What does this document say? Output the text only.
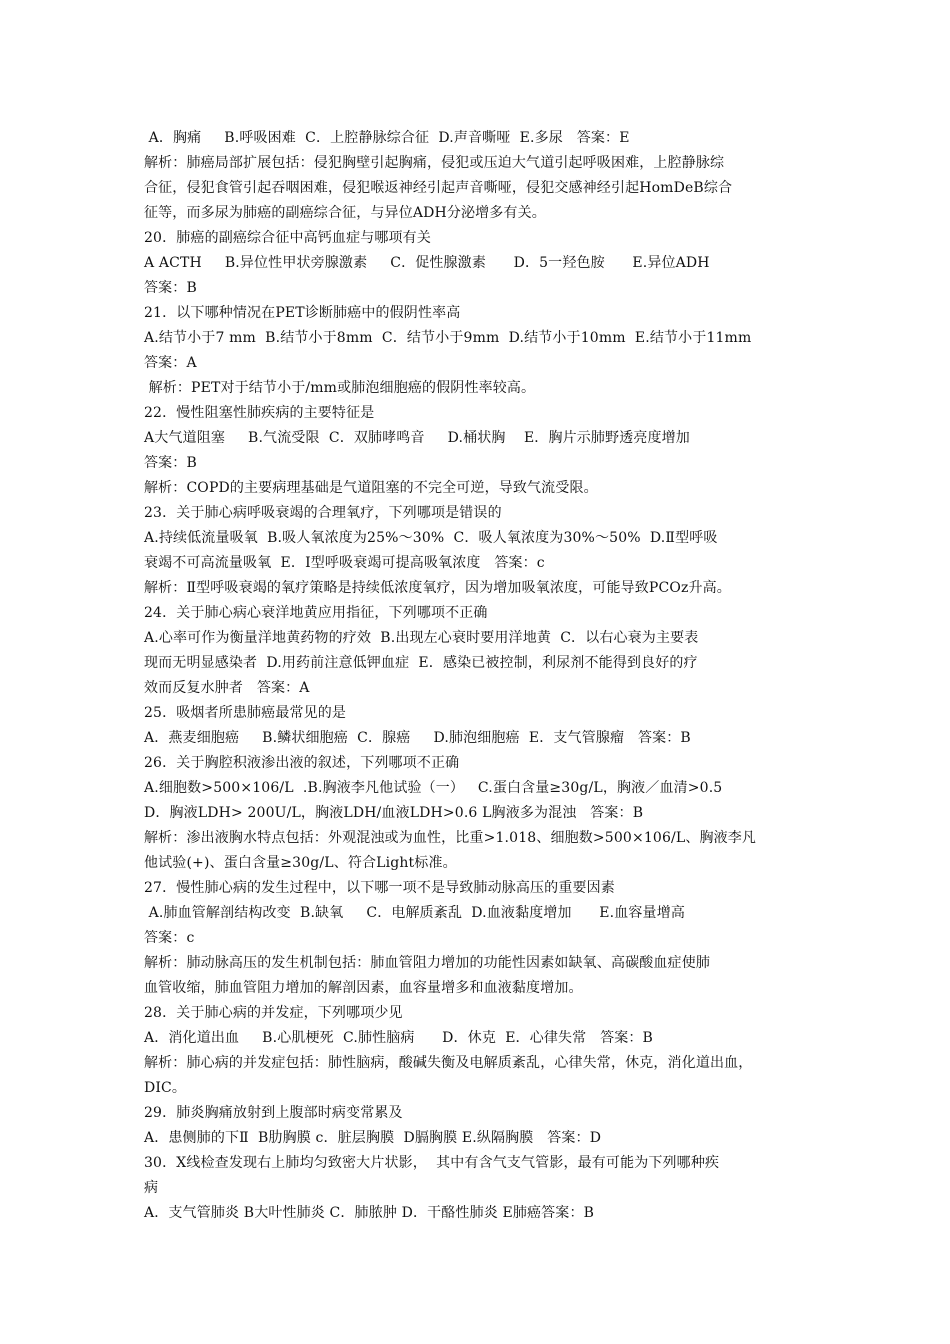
A．胸痛     B.呼吸困难  C．上腔静脉综合征  D.声音嘶哑  E.多尿   答案：E
解析：肺癌局部扩展包括：侵犯胸壁引起胸痛，侵犯或压迫大气道引起呼吸困难，上腔静脉综
合征，侵犯食管引起吞咽困难，侵犯喉返神经引起声音嘶哑，侵犯交感神经引起HomDeB综合
征等，而多尿为肺癌的副癌综合征，与异位ADH分泌增多有关。
20．肺癌的副癌综合征中高钙血症与哪项有关
A ACTH     B.异位性甲状旁腺激素     C．促性腺激素      D．5一羟色胺      E.异位ADH
答案：B
21．以下哪种情况在PET诊断肺癌中的假阴性率高
A.结节小于7 mm  B.结节小于8mm  C．结节小于9mm  D.结节小于10mm  E.结节小于11mm
答案：A
解析：PET对于结节小于/mm或肺泡细胞癌的假阴性率较高。
22．慢性阻塞性肺疾病的主要特征是
A大气道阻塞     B.气流受限  C．双肺哮鸣音     D.桶状胸    E．胸片示肺野透亮度增加
答案：B
解析：COPD的主要病理基础是气道阻塞的不完全可逆，导致气流受限。
23．关于肺心病呼吸衰竭的合理氧疗，下列哪项是错误的
A.持续低流量吸氧  B.吸人氧浓度为25%～30%  C．吸人氧浓度为30%～50%  D.Ⅱ型呼吸
衰竭不可高流量吸氧  E．Ⅰ型呼吸衰竭可提高吸氧浓度   答案：c
解析：Ⅱ型呼吸衰竭的氧疗策略是持续低浓度氧疗，因为增加吸氧浓度，可能导致PCOz升高。
24．关于肺心病心衰洋地黄应用指征，下列哪项不正确
A.心率可作为衡量洋地黄药物的疗效  B.出现左心衰时要用洋地黄  C．以右心衰为主要表
现而无明显感染者  D.用药前注意低钾血症  E．感染已被控制，利尿剂不能得到良好的疗
效而反复水肿者   答案：A
25．吸烟者所患肺癌最常见的是
A．燕麦细胞癌     B.鳞状细胞癌  C．腺癌     D.肺泡细胞癌  E．支气管腺瘤   答案：B
26．关于胸腔积液渗出液的叙述，下列哪项不正确
A.细胞数>500×106/L  .B.胸液李凡他试验（一）   C.蛋白含量≥30g/L，胸液／血清>0.5
D．胸液LDH> 200U/L，胸液LDH/血液LDH>0.6 L胸液多为混浊   答案：B
解析：渗出液胸水特点包括：外观混浊或为血性，比重>1.018、细胞数>500×106/L、胸液李凡
他试验(+)、蛋白含量≥30g/L、符合Light标准。
27．慢性肺心病的发生过程中，以下哪一项不是导致肺动脉高压的重要因素
A.肺血管解剖结构改变  B.缺氧     C．电解质紊乱  D.血液黏度增加      E.血容量增高
答案：c
解析：肺动脉高压的发生机制包括：肺血管阻力增加的功能性因素如缺氧、高碳酸血症使肺
血管收缩，肺血管阻力增加的解剖因素，血容量增多和血液黏度增加。
28．关于肺心病的并发症，下列哪项少见
A．消化道出血     B.心肌梗死  C.肺性脑病      D．休克  E．心律失常   答案：B
解析：肺心病的并发症包括：肺性脑病，酸碱失衡及电解质紊乱，心律失常，休克，消化道出血，
DIC。
29．肺炎胸痛放射到上腹部时病变常累及
A．患侧肺的下Ⅱ  B肋胸膜 c．脏层胸膜  D膈胸膜 E.纵隔胸膜   答案：D
30．X线检查发现右上肺均匀致密大片状影，  其中有含气支气管影，最有可能为下列哪种疾
病
A．支气管肺炎 B大叶性肺炎 C．肺脓肿 D．干酪性肺炎 E肺癌答案：B
